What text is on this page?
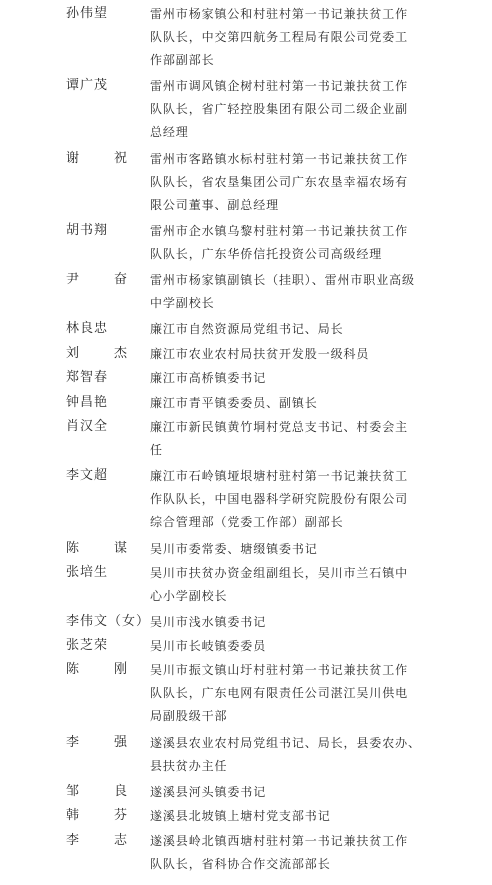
孙伟望	雷州市杨家镇公和村驻村第一书记兼扶贫工作
队队长，中交第四航务工程局有限公司党委工
作部副部长
谭广茂	雷州市调风镇企树村驻村第一书记兼扶贫工作
队队长，省广轻控股集团有限公司二级企业副
总经理
谢　祝 雷州市客路镇水标村驻村第一书记兼扶贫工作
队队长，省农垦集团公司广东农垦幸福农场有
限公司董事、副总经理
胡书翔	雷州市企水镇乌黎村驻村第一书记兼扶贫工作
队队长，广东华侨信托投资公司高级经理
尹　奋 雷州市杨家镇副镇长（挂职）、雷州市职业高级
中学副校长
林良忠	廉江市自然资源局党组书记、局长
刘　杰 廉江市农业农村局扶贫开发股一级科员
郑智春	廉江市高桥镇委书记
钟昌艳	廉江市青平镇委委员、副镇长
肖汉全	廉江市新民镇黄竹垌村党总支书记、村委会主
任
李文超	廉江市石岭镇垭垠塘村驻村第一书记兼扶贫工
作队队长，中国电器科学研究院股份有限公司
综合管理部（党委工作部）副部长
陈　谋 吴川市委常委、塘缀镇委书记
张培生	吴川市扶贫办资金组副组长，吴川市兰石镇中
心小学副校长
李伟文（女） 吴川市浅水镇委书记
张芝荣	吴川市长岐镇委委员
陈　刚 吴川市振文镇山圩村驻村第一书记兼扶贫工作
队队长，广东电网有限责任公司湛江吴川供电
局副股级干部
李　强 遂溪县农业农村局党组书记、局长，县委农办、
县扶贫办主任
邹　良 遂溪县河头镇委书记
韩　芬 遂溪县北坡镇上塘村党支部书记
李　志 遂溪县岭北镇西塘村驻村第一书记兼扶贫工作
队队长，省科协合作交流部部长
